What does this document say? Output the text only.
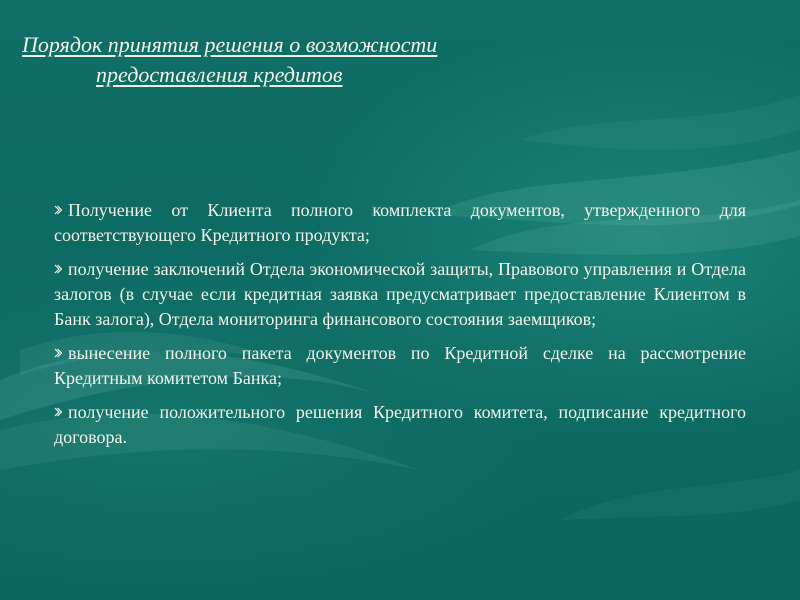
Порядок принятия решения о возможности
предоставления кредитов
Получение от Клиента полного комплекта документов, утвержденного для соответствующего Кредитного продукта;
получение заключений Отдела экономической защиты, Правового управления и Отдела залогов (в случае если кредитная заявка предусматривает предоставление Клиентом в Банк залога), Отдела мониторинга финансового состояния заемщиков;
вынесение полного пакета документов по Кредитной сделке на рассмотрение Кредитным комитетом Банка;
получение положительного решения Кредитного комитета, подписание кредитного договора.
